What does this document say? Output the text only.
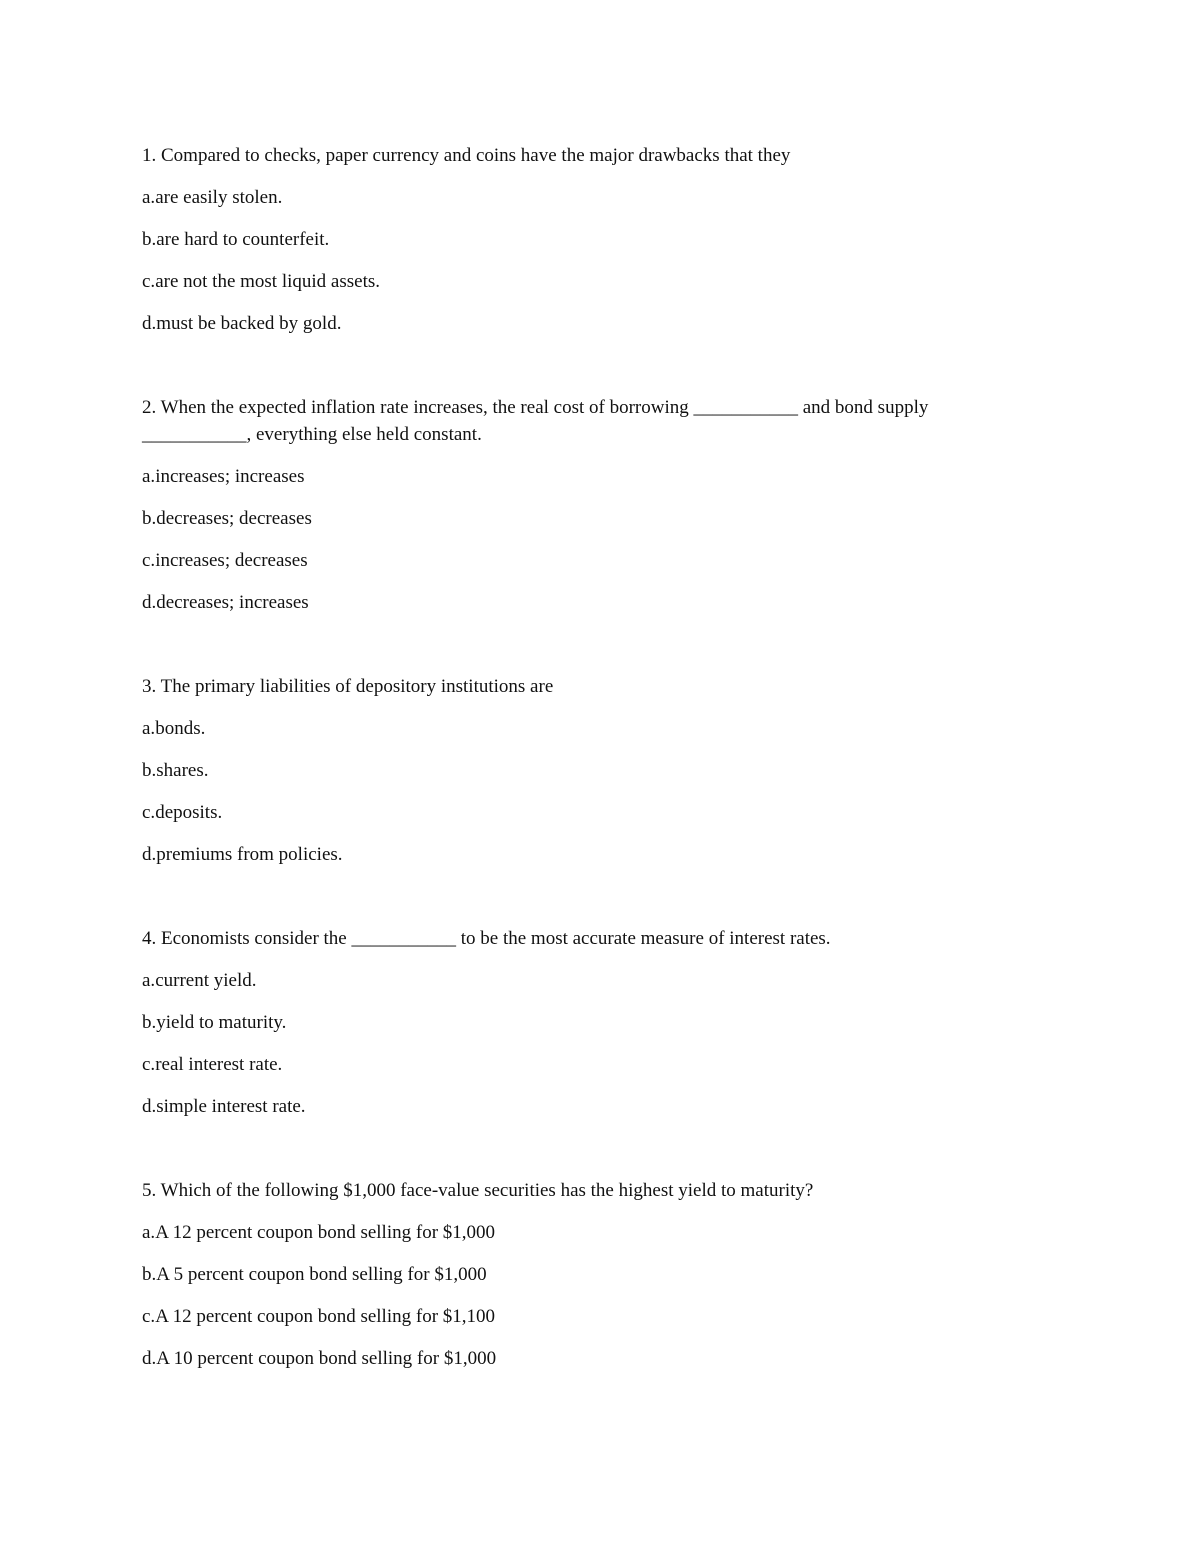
1. Compared to checks, paper currency and coins have the major drawbacks that they
a.are easily stolen.
b.are hard to counterfeit.
c.are not the most liquid assets.
d.must be backed by gold.
2. When the expected inflation rate increases, the real cost of borrowing ___________ and bond supply ___________, everything else held constant.
a.increases; increases
b.decreases; decreases
c.increases; decreases
d.decreases; increases
3. The primary liabilities of depository institutions are
a.bonds.
b.shares.
c.deposits.
d.premiums from policies.
4. Economists consider the ___________ to be the most accurate measure of interest rates.
a.current yield.
b.yield to maturity.
c.real interest rate.
d.simple interest rate.
5. Which of the following $1,000 face-value securities has the highest yield to maturity?
a.A 12 percent coupon bond selling for $1,000
b.A 5 percent coupon bond selling for $1,000
c.A 12 percent coupon bond selling for $1,100
d.A 10 percent coupon bond selling for $1,000
